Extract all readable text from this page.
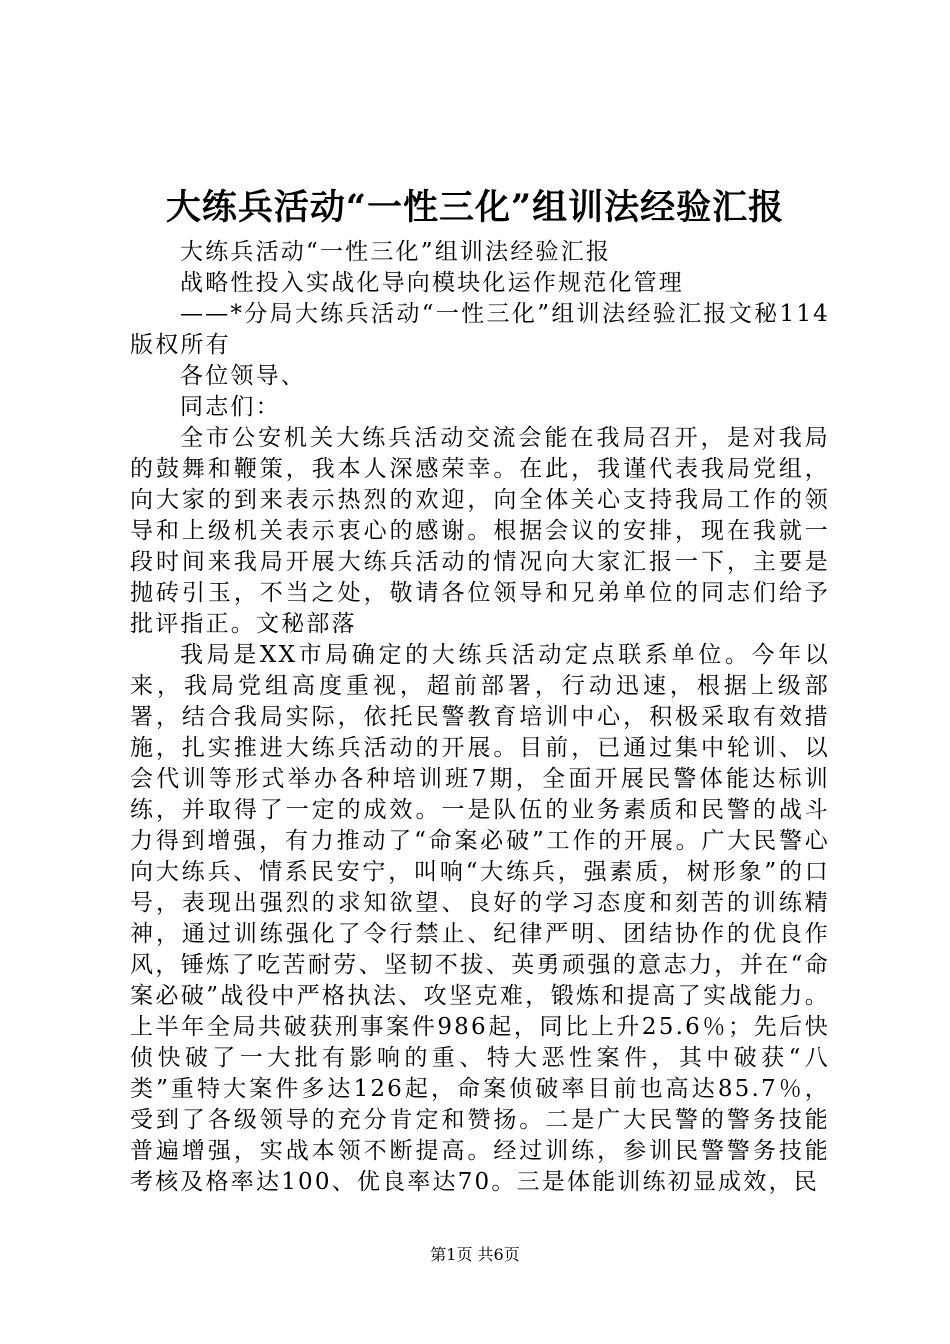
大练兵活动“一性三化”组训法经验汇报

大练兵活动“一性三化”组训法经验汇报

战略性投入实战化导向模块化运作规范化管理

——*分局大练兵活动“一性三化”组训法经验汇报文秘114版权所有

各位领导、

同志们：

全市公安机关大练兵活动交流会能在我局召开，是对我局的鼓舞和鞭策，我本人深感荣幸。在此，我谨代表我局党组，向大家的到来表示热烈的欢迎，向全体关心支持我局工作的领导和上级机关表示衷心的感谢。根据会议的安排，现在我就一段时间来我局开展大练兵活动的情况向大家汇报一下，主要是抛砖引玉，不当之处，敬请各位领导和兄弟单位的同志们给予批评指正。文秘部落

我局是XX市局确定的大练兵活动定点联系单位。今年以来，我局党组高度重视，超前部署，行动迅速，根据上级部署，结合我局实际，依托民警教育培训中心，积极采取有效措施，扎实推进大练兵活动的开展。目前，已通过集中轮训、以会代训等形式举办各种培训班7期，全面开展民警体能达标训练，并取得了一定的成效。一是队伍的业务素质和民警的战斗力得到增强，有力推动了“命案必破”工作的开展。广大民警心向大练兵、情系民安宁，叫响“大练兵，强素质，树形象”的口号，表现出强烈的求知欲望、良好的学习态度和刻苦的训练精神，通过训练强化了令行禁止、纪律严明、团结协作的优良作风，锤炼了吃苦耐劳、坚韧不拔、英勇顽强的意志力，并在“命案必破”战役中严格执法、攻坚克难，锻炼和提高了实战能力。上半年全局共破获刑事案件986起，同比上升25.6％；先后快侦快破了一大批有影响的重、特大恶性案件，其中破获“八类”重特大案件多达126起，命案侦破率目前也高达85.7％，受到了各级领导的充分肯定和赞扬。二是广大民警的警务技能普遍增强，实战本领不断提高。经过训练，参训民警警务技能考核及格率达100、优良率达70。三是体能训练初显成效，民

第1页 共6页
